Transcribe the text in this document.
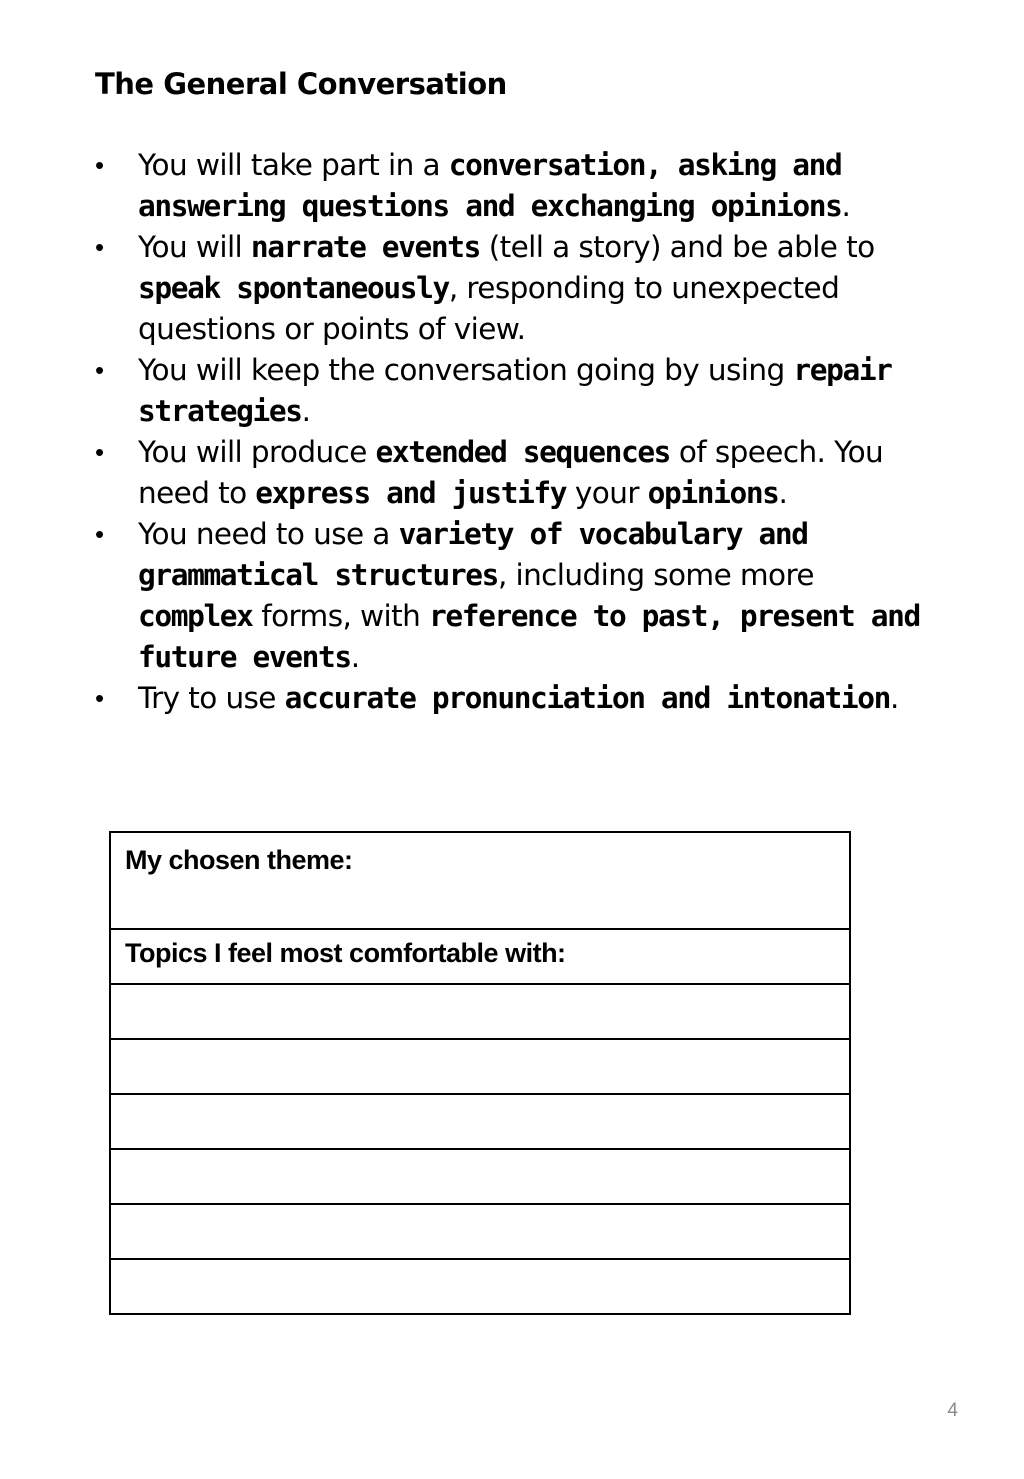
The General Conversation
• You will take part in a conversation, asking and answering questions and exchanging opinions.
• You will narrate events (tell a story) and be able to speak spontaneously, responding to unexpected questions or points of view.
• You will keep the conversation going by using repair strategies.
• You will produce extended sequences of speech. You need to express and justify your opinions.
• You need to use a variety of vocabulary and grammatical structures, including some more complex forms, with reference to past, present and future events.
• Try to use accurate pronunciation and intonation.
My chosen theme:
Topics I feel most comfortable with:

4
